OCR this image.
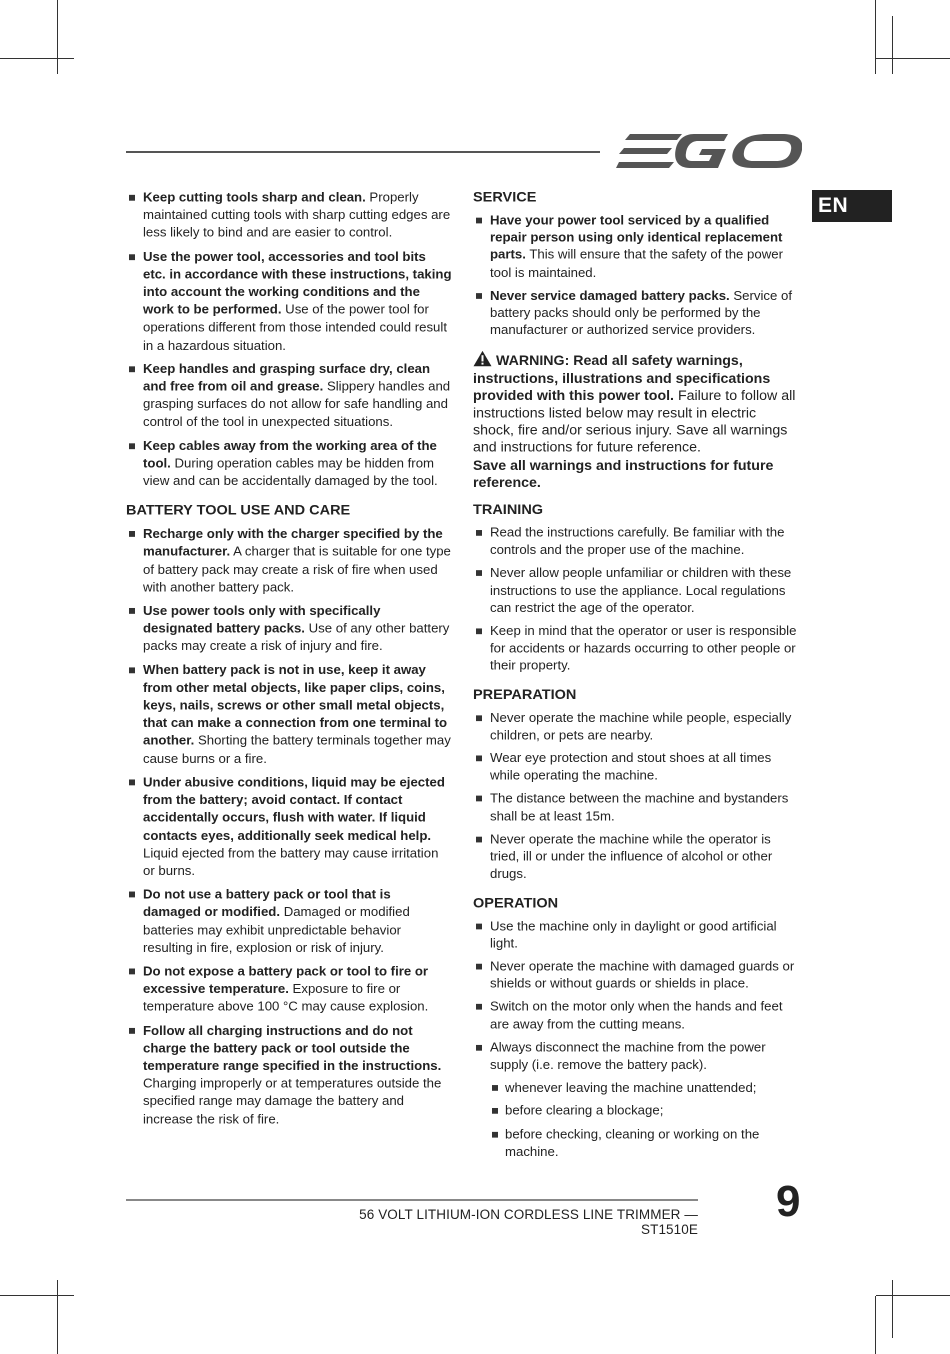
EGO
EN
Keep cutting tools sharp and clean. Properly maintained cutting tools with sharp cutting edges are less likely to bind and are easier to control.
Use the power tool, accessories and tool bits etc. in accordance with these instructions, taking into account the working conditions and the work to be performed. Use of the power tool for operations different from those intended could result in a hazardous situation.
Keep handles and grasping surface dry, clean and free from oil and grease. Slippery handles and grasping surfaces do not allow for safe handling and control of the tool in unexpected situations.
Keep cables away from the working area of the tool. During operation cables may be hidden from view and can be accidentally damaged by the tool.
BATTERY TOOL USE AND CARE
Recharge only with the charger specified by the manufacturer. A charger that is suitable for one type of battery pack may create a risk of fire when used with another battery pack.
Use power tools only with specifically designated battery packs. Use of any other battery packs may create a risk of injury and fire.
When battery pack is not in use, keep it away from other metal objects, like paper clips, coins, keys, nails, screws or other small metal objects, that can make a connection from one terminal to another. Shorting the battery terminals together may cause burns or a fire.
Under abusive conditions, liquid may be ejected from the battery; avoid contact. If contact accidentally occurs, flush with water. If liquid contacts eyes, additionally seek medical help. Liquid ejected from the battery may cause irritation or burns.
Do not use a battery pack or tool that is damaged or modified. Damaged or modified batteries may exhibit unpredictable behavior resulting in fire, explosion or risk of injury.
Do not expose a battery pack or tool to fire or excessive temperature. Exposure to fire or temperature above 100 °C may cause explosion.
Follow all charging instructions and do not charge the battery pack or tool outside the temperature range specified in the instructions. Charging improperly or at temperatures outside the specified range may damage the battery and increase the risk of fire.
SERVICE
Have your power tool serviced by a qualified repair person using only identical replacement parts. This will ensure that the safety of the power tool is maintained.
Never service damaged battery packs. Service of battery packs should only be performed by the manufacturer or authorized service providers.
WARNING: Read all safety warnings, instructions, illustrations and specifications provided with this power tool. Failure to follow all instructions listed below may result in electric shock, fire and/or serious injury. Save all warnings and instructions for future reference.
Save all warnings and instructions for future reference.
TRAINING
Read the instructions carefully. Be familiar with the controls and the proper use of the machine.
Never allow people unfamiliar or children with these instructions to use the appliance. Local regulations can restrict the age of the operator.
Keep in mind that the operator or user is responsible for accidents or hazards occurring to other people or their property.
PREPARATION
Never operate the machine while people, especially children, or pets are nearby.
Wear eye protection and stout shoes at all times while operating the machine.
The distance between the machine and bystanders shall be at least 15m.
Never operate the machine while the operator is tried, ill or under the influence of alcohol or other drugs.
OPERATION
Use the machine only in daylight or good artificial light.
Never operate the machine with damaged guards or shields or without guards or shields in place.
Switch on the motor only when the hands and feet are away from the cutting means.
Always disconnect the machine from the power supply (i.e. remove the battery pack).
whenever leaving the machine unattended;
before clearing a blockage;
before checking, cleaning or working on the machine.
56 VOLT LITHIUM-ION CORDLESS LINE TRIMMER — ST1510E
9
